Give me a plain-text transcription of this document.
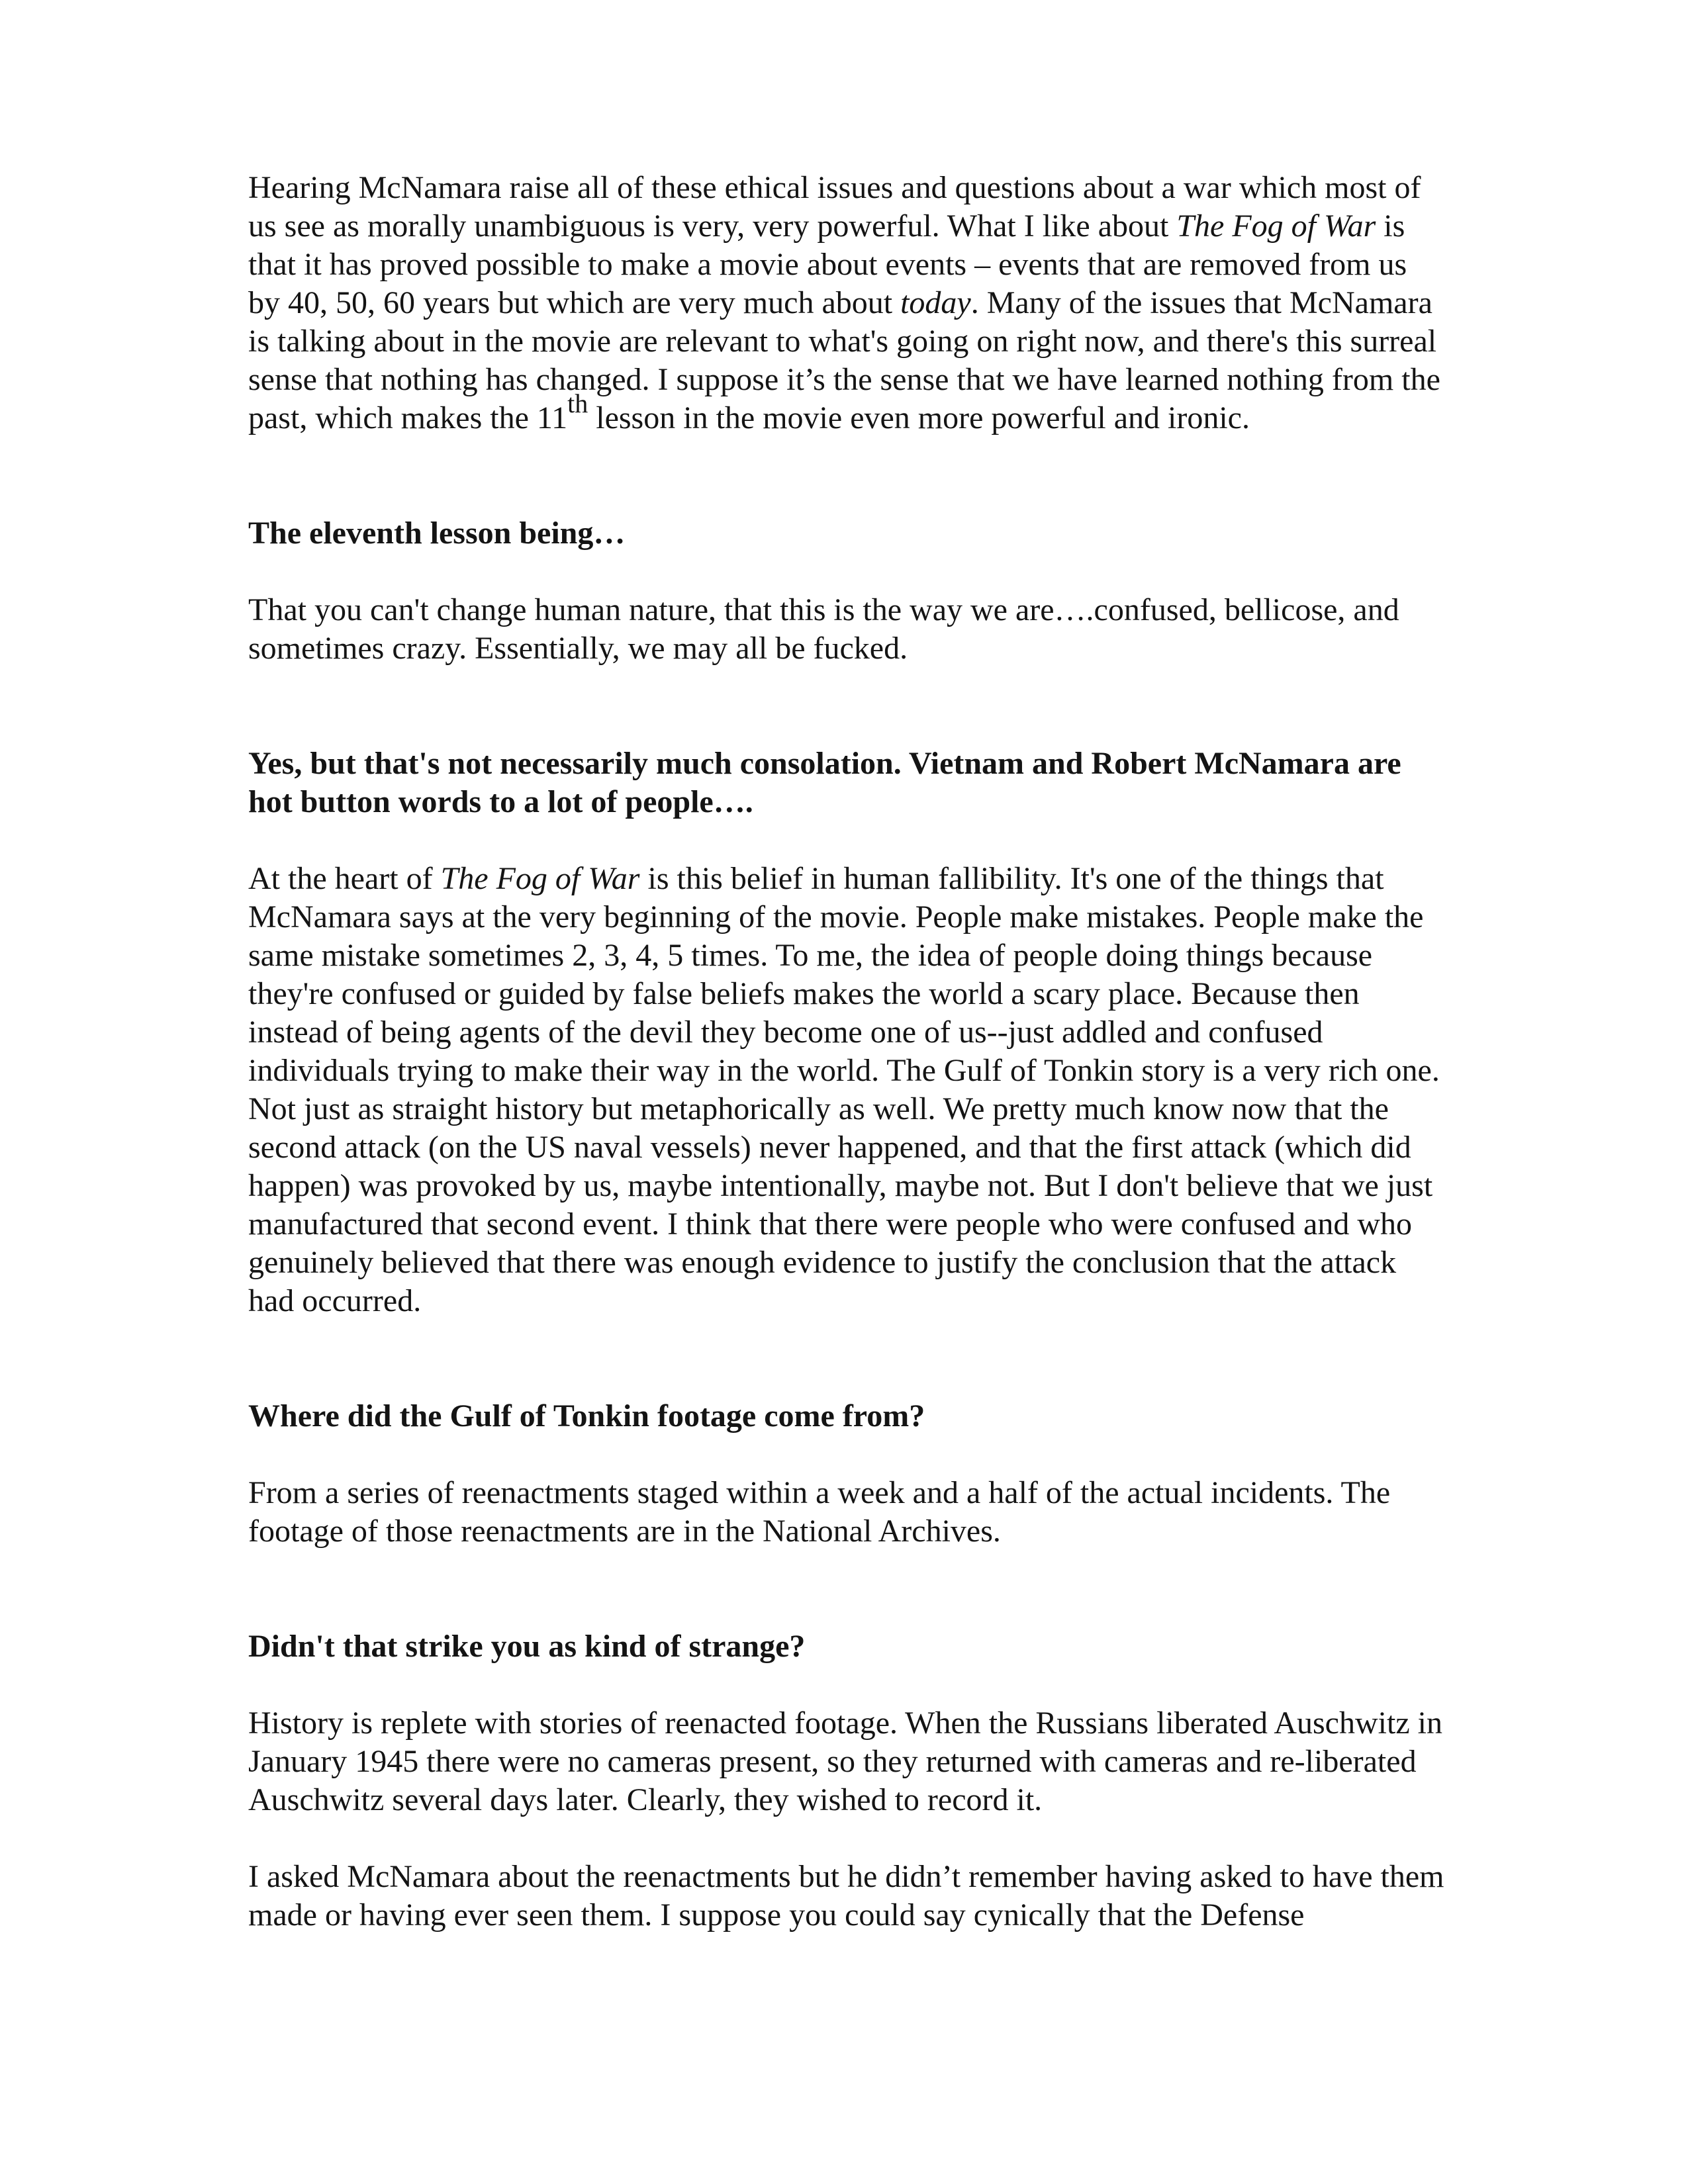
Hearing McNamara raise all of these ethical issues and questions about a war which most of us see as morally unambiguous is very, very powerful. What I like about The Fog of War is that it has proved possible to make a movie about events – events that are removed from us by 40, 50, 60 years but which are very much about today. Many of the issues that McNamara is talking about in the movie are relevant to what's going on right now, and there's this surreal sense that nothing has changed. I suppose it’s the sense that we have learned nothing from the past, which makes the 11th lesson in the movie even more powerful and ironic.

The eleventh lesson being…

That you can't change human nature, that this is the way we are….confused, bellicose, and sometimes crazy. Essentially, we may all be fucked.

Yes, but that's not necessarily much consolation. Vietnam and Robert McNamara are hot button words to a lot of people….

At the heart of The Fog of War is this belief in human fallibility. It's one of the things that McNamara says at the very beginning of the movie. People make mistakes. People make the same mistake sometimes 2, 3, 4, 5 times. To me, the idea of people doing things because they're confused or guided by false beliefs makes the world a scary place. Because then instead of being agents of the devil they become one of us--just addled and confused individuals trying to make their way in the world. The Gulf of Tonkin story is a very rich one. Not just as straight history but metaphorically as well. We pretty much know now that the second attack (on the US naval vessels) never happened, and that the first attack (which did happen) was provoked by us, maybe intentionally, maybe not. But I don't believe that we just manufactured that second event. I think that there were people who were confused and who genuinely believed that there was enough evidence to justify the conclusion that the attack had occurred.

Where did the Gulf of Tonkin footage come from?

From a series of reenactments staged within a week and a half of the actual incidents. The footage of those reenactments are in the National Archives.

Didn't that strike you as kind of strange?

History is replete with stories of reenacted footage. When the Russians liberated Auschwitz in January 1945 there were no cameras present, so they returned with cameras and re-liberated Auschwitz several days later. Clearly, they wished to record it.

I asked McNamara about the reenactments but he didn’t remember having asked to have them made or having ever seen them. I suppose you could say cynically that the Defense
